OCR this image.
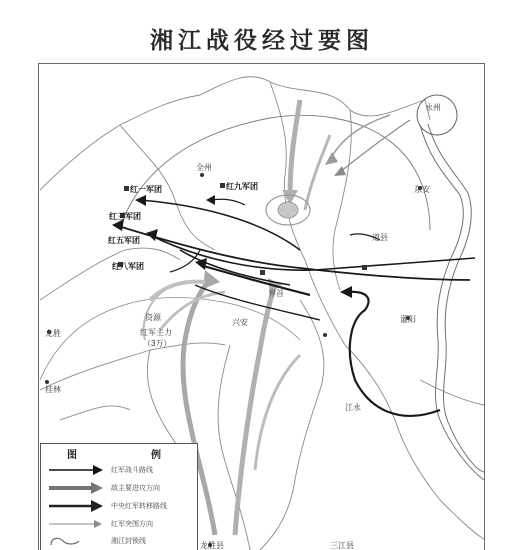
湘江战役经过要图
永州
东安
全州
界首
兴安	灌阳
道县
桂林
江永
龙胜
红一军团
红三军团
红五军团
红八军团
红九军团
红军主力
（3万）
资源
龙胜县	三江县
图	例
红军战斗路线
敌主要进攻方向
中央红军转移路线
红军突围方向
湘江封锁线
